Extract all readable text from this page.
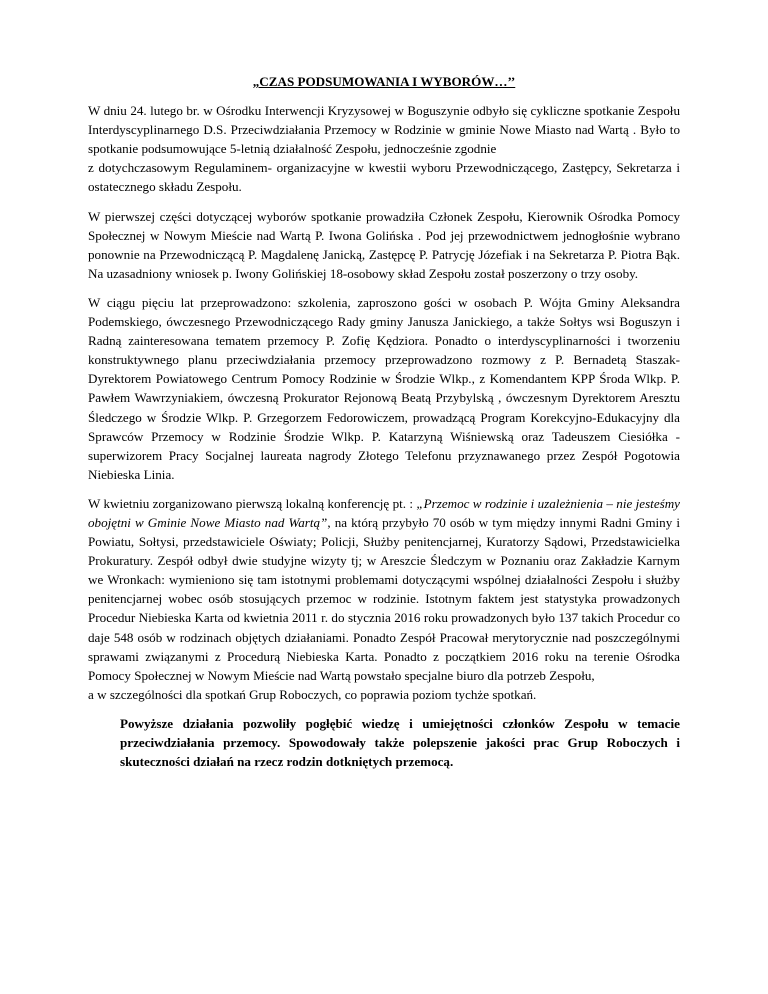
„CZAS PODSUMOWANIA I WYBORÓW…’’

W dniu 24. lutego br. w Ośrodku Interwencji Kryzysowej w Boguszynie odbyło się cykliczne spotkanie Zespołu Interdyscyplinarnego D.S. Przeciwdziałania Przemocy w Rodzinie w gminie Nowe Miasto nad Wartą . Było to spotkanie podsumowujące 5-letnią działalność Zespołu, jednocześnie zgodnie
z dotychczasowym Regulaminem- organizacyjne w kwestii wyboru Przewodniczącego, Zastępcy, Sekretarza i ostatecznego składu Zespołu.

W pierwszej części dotyczącej wyborów spotkanie prowadziła Członek Zespołu, Kierownik Ośrodka Pomocy Społecznej w Nowym Mieście nad Wartą P. Iwona Golińska . Pod jej przewodnictwem jednogłośnie wybrano ponownie na Przewodniczącą P. Magdalenę Janicką, Zastępcę P. Patrycję Józefiak i na Sekretarza P. Piotra Bąk. Na uzasadniony wniosek p. Iwony Golińskiej 18-osobowy skład Zespołu został poszerzony o trzy osoby.

W ciągu pięciu lat przeprowadzono: szkolenia, zaproszono gości w osobach P. Wójta Gminy Aleksandra Podemskiego, ówczesnego Przewodniczącego Rady gminy Janusza Janickiego, a także Sołtys wsi Boguszyn i Radną zainteresowana tematem przemocy P. Zofię Kędziora. Ponadto o interdyscyplinarności i tworzeniu konstruktywnego planu przeciwdziałania przemocy przeprowadzono rozmowy z P. Bernadetą Staszak-Dyrektorem Powiatowego Centrum Pomocy Rodzinie w Środzie Wlkp., z Komendantem KPP Środa Wlkp. P. Pawłem Wawrzyniakiem, ówczesną Prokurator Rejonową Beatą Przybylską , ówczesnym Dyrektorem Aresztu Śledczego w Środzie Wlkp. P. Grzegorzem Fedorowiczem, prowadzącą Program Korekcyjno-Edukacyjny dla Sprawców Przemocy w Rodzinie Środzie Wlkp. P. Katarzyną Wiśniewską oraz Tadeuszem Ciesiółka -superwizorem Pracy Socjalnej laureata nagrody Złotego Telefonu przyznawanego przez Zespół Pogotowia Niebieska Linia.

W kwietniu zorganizowano pierwszą lokalną konferencję pt. : „Przemoc w rodzinie i uzależnienia – nie jesteśmy obojętni w Gminie Nowe Miasto nad Wartą”, na którą przybyło 70 osób w tym między innymi Radni Gminy i Powiatu, Sołtysi, przedstawiciele Oświaty; Policji, Służby penitencjarnej, Kuratorzy Sądowi, Przedstawicielka Prokuratury. Zespół odbył dwie studyjne wizyty tj; w Areszcie Śledczym w Poznaniu oraz Zakładzie Karnym we Wronkach: wymieniono się tam istotnymi problemami dotyczącymi wspólnej działalności Zespołu i służby penitencjarnej wobec osób stosujących przemoc w rodzinie. Istotnym faktem jest statystyka prowadzonych Procedur Niebieska Karta od kwietnia 2011 r. do stycznia 2016 roku prowadzonych było 137 takich Procedur co daje 548 osób w rodzinach objętych działaniami. Ponadto Zespół Pracował merytorycznie nad poszczególnymi sprawami związanymi z Procedurą Niebieska Karta. Ponadto z początkiem 2016 roku na terenie Ośrodka Pomocy Społecznej w Nowym Mieście nad Wartą powstało specjalne biuro dla potrzeb Zespołu,
a w szczególności dla spotkań Grup Roboczych, co poprawia poziom tychże spotkań.

Powyższe działania pozwoliły pogłębić wiedzę i umiejętności członków Zespołu w temacie przeciwdziałania przemocy. Spowodowały także polepszenie jakości prac Grup Roboczych i skuteczności działań na rzecz rodzin dotkniętych przemocą.
